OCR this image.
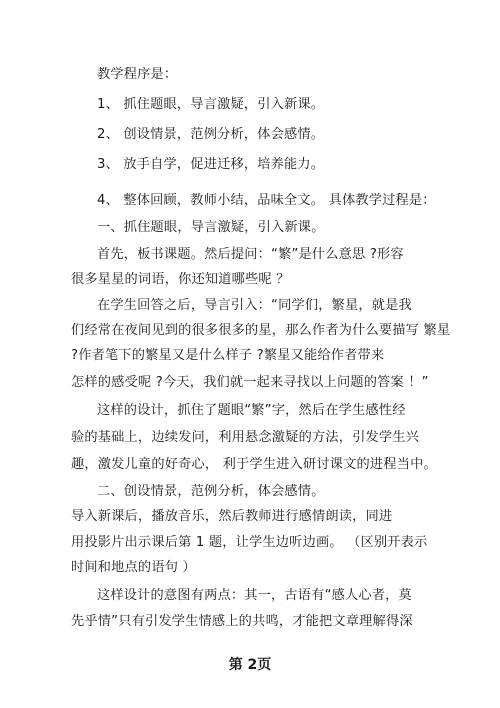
教学程序是：
1、 抓住题眼，导言激疑，引入新课。
2、 创设情景，范例分析，体会感情。
3、 放手自学，促进迁移，培养能力。
4、 整体回顾，教师小结，品味全文。 具体教学过程是：
一、抓住题眼，导言激疑，引入新课。
首先，板书课题。然后提问：“繁”是什么意思 ?形容
很多星星的词语，你还知道哪些呢 ？
在学生回答之后，导言引入：“同学们，繁星，就是我
们经常在夜间见到的很多很多的星，那么作者为什么要描写 繁星
?作者笔下的繁星又是什么样子 ?繁星又能给作者带来
怎样的感受呢 ?今天，我们就一起来寻找以上问题的答案 ！”
这样的设计，抓住了题眼“繁”字，然后在学生感性经
验的基础上，边续发问，利用悬念激疑的方法，引发学生兴
趣，激发儿童的好奇心， 利于学生进入研讨课文的进程当中。
二、创设情景，范例分析，体会感情。
导入新课后，播放音乐，然后教师进行感情朗读，同进
用投影片出示课后第 1 题，让学生边听边画。 （区别开表示
时间和地点的语句 ）
这样设计的意图有两点：其一，古语有“感人心者，莫
先乎情”只有引发学生情感上的共鸣，才能把文章理解得深
第 2页
